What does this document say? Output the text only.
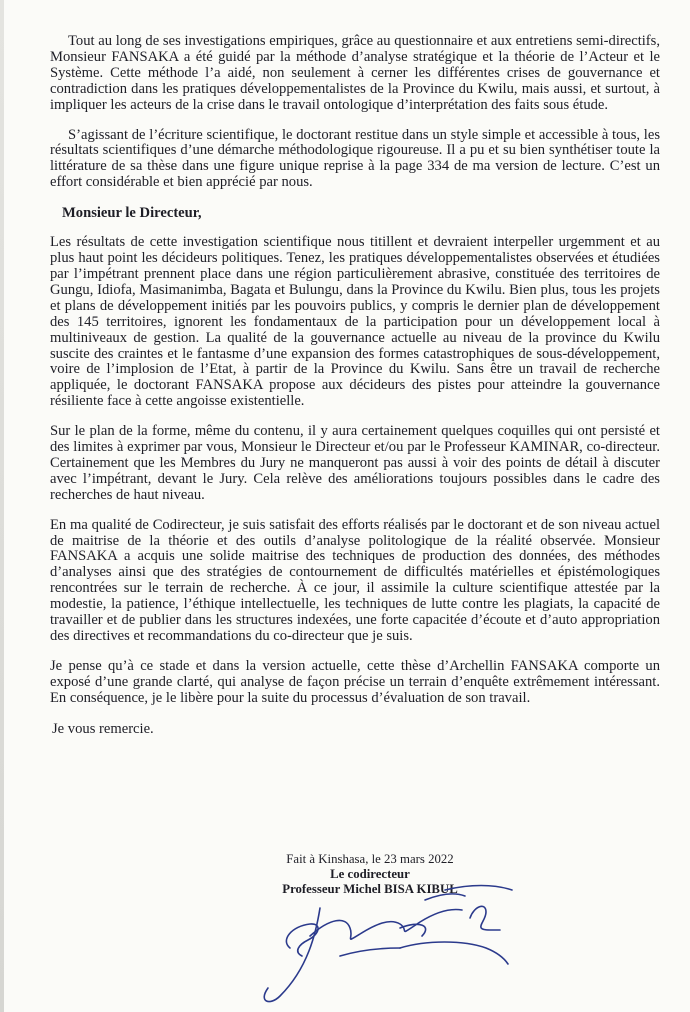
Tout au long de ses investigations empiriques, grâce au questionnaire et aux entretiens semi-directifs, Monsieur FANSAKA a été guidé par la méthode d’analyse stratégique et la théorie de l’Acteur et le Système. Cette méthode l’a aidé, non seulement à cerner les différentes crises de gouvernance et contradiction dans les pratiques développementalistes de la Province du Kwilu, mais aussi, et surtout, à impliquer les acteurs de la crise dans le travail ontologique d’interprétation des faits sous étude.

S’agissant de l’écriture scientifique, le doctorant restitue dans un style simple et accessible à tous, les résultats scientifiques d’une démarche méthodologique rigoureuse. Il a pu et su bien synthétiser toute la littérature de sa thèse dans une figure unique reprise à la page 334 de ma version de lecture. C’est un effort considérable et bien apprécié par nous.

Monsieur le Directeur,

Les résultats de cette investigation scientifique nous titillent et devraient interpeller urgemment et au plus haut point les décideurs politiques. Tenez, les pratiques développementalistes observées et étudiées par l’impétrant prennent place dans une région particulièrement abrasive, constituée des territoires de Gungu, Idiofa, Masimanimba, Bagata et Bulungu, dans la Province du Kwilu. Bien plus, tous les projets et plans de développement initiés par les pouvoirs publics, y compris le dernier plan de développement des 145 territoires, ignorent les fondamentaux de la participation pour un développement local à multiniveaux de gestion. La qualité de la gouvernance actuelle au niveau de la province du Kwilu suscite des craintes et le fantasme d’une expansion des formes catastrophiques de sous-développement, voire de l’implosion de l’Etat, à partir de la Province du Kwilu. Sans être un travail de recherche appliquée, le doctorant FANSAKA propose aux décideurs des pistes pour atteindre la gouvernance résiliente face à cette angoisse existentielle.

Sur le plan de la forme, même du contenu, il y aura certainement quelques coquilles qui ont persisté et des limites à exprimer par vous, Monsieur le Directeur et/ou par le Professeur KAMINAR, co-directeur. Certainement que les Membres du Jury ne manqueront pas aussi à voir des points de détail à discuter avec l’impétrant, devant le Jury. Cela relève des améliorations toujours possibles dans le cadre des recherches de haut niveau.

En ma qualité de Codirecteur, je suis satisfait des efforts réalisés par le doctorant et de son niveau actuel de maitrise de la théorie et des outils d’analyse politologique de la réalité observée. Monsieur FANSAKA a acquis une solide maitrise des techniques de production des données, des méthodes d’analyses ainsi que des stratégies de contournement de difficultés matérielles et épistémologiques rencontrées sur le terrain de recherche. À ce jour, il assimile la culture scientifique attestée par la modestie, la patience, l’éthique intellectuelle, les techniques de lutte contre les plagiats, la capacité de travailler et de publier dans les structures indexées, une forte capacitée d’écoute et d’auto appropriation des directives et recommandations du co-directeur que je suis.

Je pense qu’à ce stade et dans la version actuelle, cette thèse d’Archellin FANSAKA comporte un exposé d’une grande clarté, qui analyse de façon précise un terrain d’enquête extrêmement intéressant. En conséquence, je le libère pour la suite du processus d’évaluation de son travail.

Je vous remercie.

Fait à Kinshasa, le 23 mars 2022
Le codirecteur
Professeur Michel BISA KIBUL
